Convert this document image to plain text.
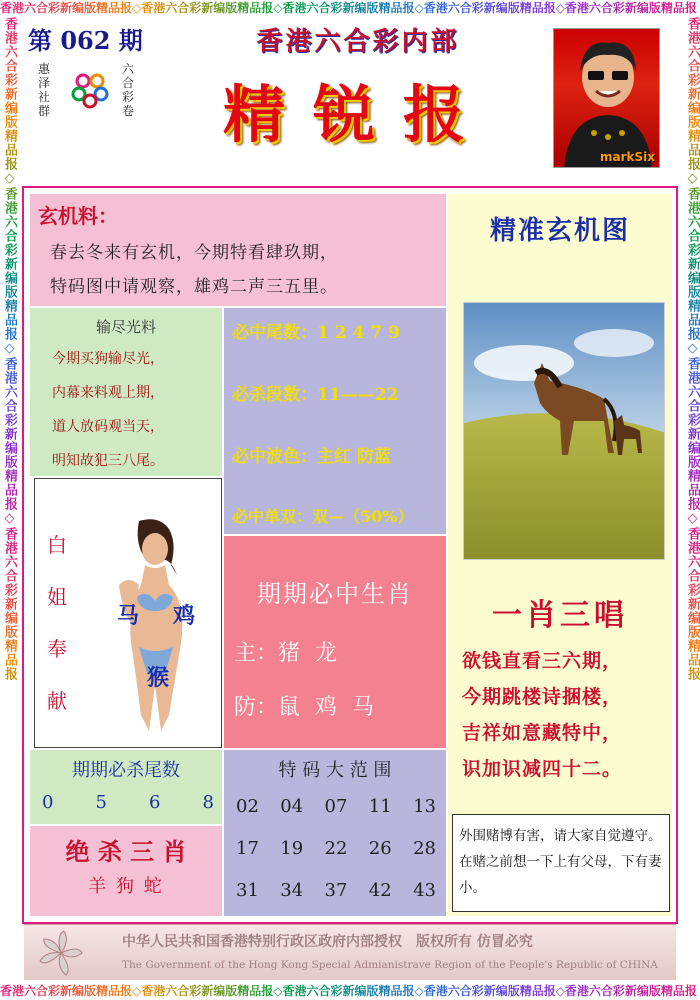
香港六合彩新编版精品报◇香港六合彩新编版精品报◇香港六合彩新编版精品报◇香港六合彩新编版精品报◇香港六合彩新编版精品报
香港六合彩新编版精品报◇香港六合彩新编版精品报◇香港六合彩新编版精品报◇香港六合彩新编版精品报◇香港六合彩新编版精品报
香港六合彩新编版精品报◇香港六合彩新编版精品报◇香港六合彩新编版精品报◇香港六合彩新编版精品报	香港六合彩新编版精品报◇香港六合彩新编版精品报◇香港六合彩新编版精品报◇香港六合彩新编版精品报
第 062 期
惠泽社群
六合彩卷
香港六合彩内部
精锐报
markSix
玄机料：
春去冬来有玄机，今期特看肆玖期，
特码图中请观察，雄鸡二声三五里。
输尽光料
今期买狗输尽光，
内幕来料观上期，
道人放码观当天，
明知故犯三八尾。
必中尾数：1 2 4 7 9
必杀段数：11——22
必中波色：主红 防蓝
必中单双：双—（50%）
白姐奉献
马 鸡
猴
期期必中生肖
主：猪 龙
防：鼠 鸡 马
期期必杀尾数
0 5 6 8
绝 杀 三 肖
羊 狗 蛇
特 码 大 范 围
02 04 07 11 13
17 19 22 26 28
31 34 37 42 43
精准玄机图
一肖三唱
欲钱直看三六期，
今期跳楼诗捆楼，
吉祥如意藏特中，
识加识减四十二。
外围赌博有害，请大家自觉遵守。在赌之前想一下上有父母，下有妻小。
中华人民共和国香港特别行政区政府内部授权　版权所有 仿冒必究
The Government of the Hong Kong Special Admianistrave Region of the People's Republic of CHINA
